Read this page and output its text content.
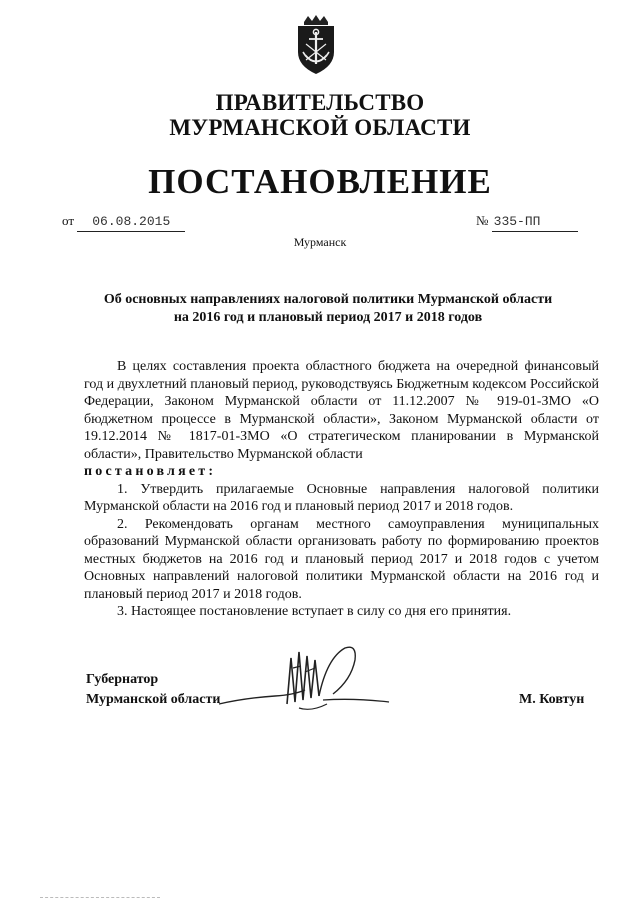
ПРАВИТЕЛЬСТВО
МУРМАНСКОЙ ОБЛАСТИ
ПОСТАНОВЛЕНИЕ
от 06.08.2015	№ 335-ПП
Мурманск
Об основных направлениях налоговой политики Мурманской области
на 2016 год и плановый период 2017 и 2018 годов

В целях составления проекта областного бюджета на очередной финансовый год и двухлетний плановый период, руководствуясь Бюджетным кодексом Российской Федерации, Законом Мурманской области от 11.12.2007 № 919-01-ЗМО «О бюджетном процессе в Мурманской области», Законом Мурманской области от 19.12.2014 № 1817-01-ЗМО «О стратегическом планировании в Мурманской области», Правительство Мурманской области

постановляет:

1. Утвердить прилагаемые Основные направления налоговой политики Мурманской области на 2016 год и плановый период 2017 и 2018 годов.

2. Рекомендовать органам местного самоуправления муниципальных образований Мурманской области организовать работу по формированию проектов местных бюджетов на 2016 год и плановый период 2017 и 2018 годов с учетом Основных направлений налоговой политики Мурманской области на 2016 год и плановый период 2017 и 2018 годов.

3. Настоящее постановление вступает в силу со дня его принятия.

Губернатор
Мурманской области	М. Ковтун
